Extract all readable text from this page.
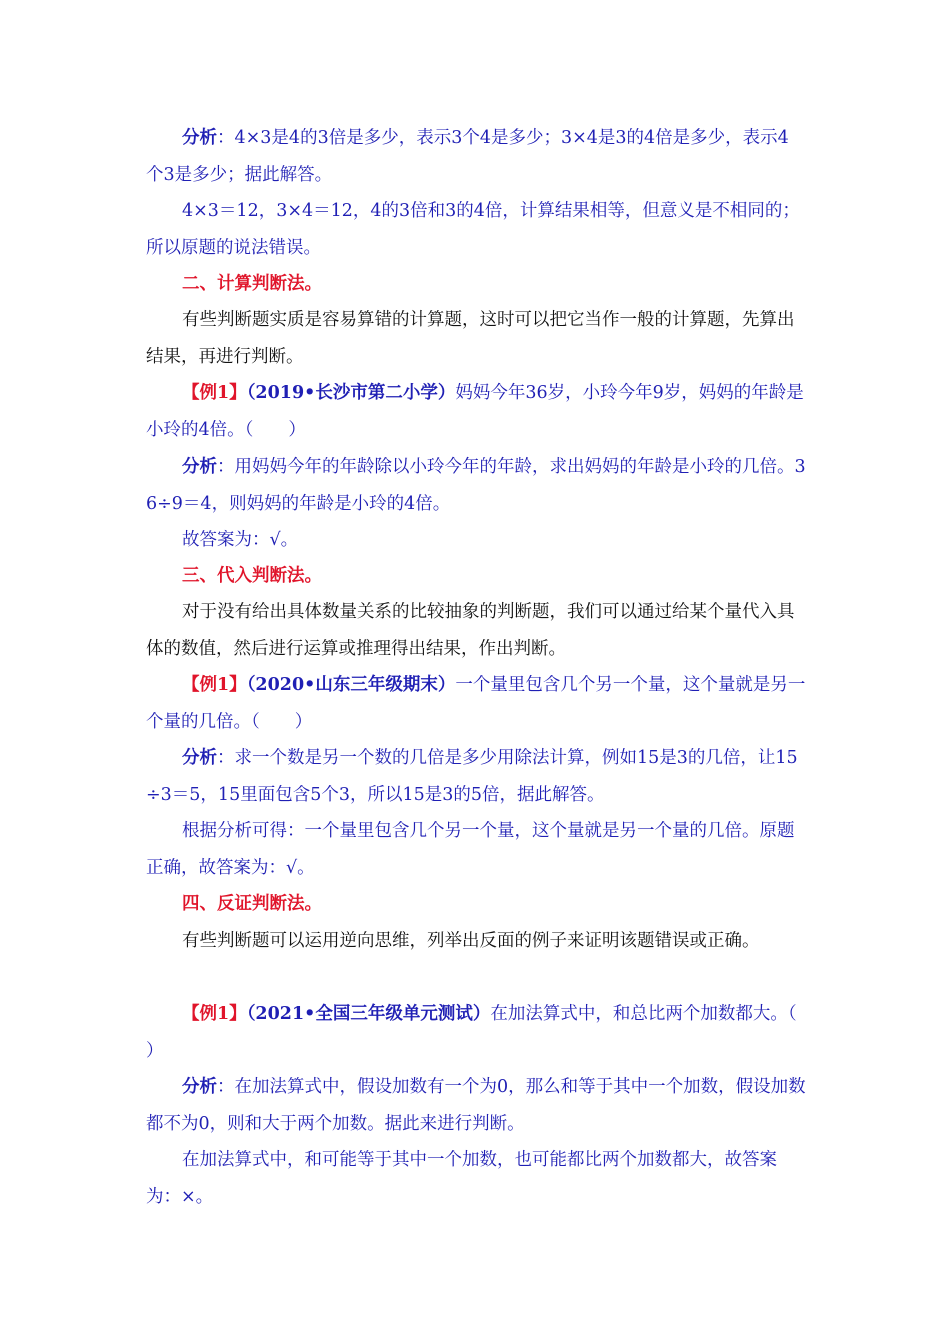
分析：4×3是4的3倍是多少，表示3个4是多少；3×4是3的4倍是多少，表示4个3是多少；据此解答。

4×3＝12，3×4＝12，4的3倍和3的4倍，计算结果相等，但意义是不相同的；所以原题的说法错误。

二、计算判断法。

有些判断题实质是容易算错的计算题，这时可以把它当作一般的计算题，先算出结果，再进行判断。

【例1】（2019•长沙市第二小学）妈妈今年36岁，小玲今年9岁，妈妈的年龄是小玲的4倍。（　　）

分析：用妈妈今年的年龄除以小玲今年的年龄，求出妈妈的年龄是小玲的几倍。36÷9＝4，则妈妈的年龄是小玲的4倍。

故答案为：√。

三、代入判断法。

对于没有给出具体数量关系的比较抽象的判断题，我们可以通过给某个量代入具体的数值，然后进行运算或推理得出结果，作出判断。

【例1】（2020•山东三年级期末）一个量里包含几个另一个量，这个量就是另一个量的几倍。（　　）

分析：求一个数是另一个数的几倍是多少用除法计算，例如15是3的几倍，让15÷3＝5，15里面包含5个3，所以15是3的5倍，据此解答。

根据分析可得：一个量里包含几个另一个量，这个量就是另一个量的几倍。原题正确，故答案为：√。

四、反证判断法。

有些判断题可以运用逆向思维，列举出反面的例子来证明该题错误或正确。

【例1】（2021•全国三年级单元测试）在加法算式中，和总比两个加数都大。（　　）

分析：在加法算式中，假设加数有一个为0，那么和等于其中一个加数，假设加数都不为0，则和大于两个加数。据此来进行判断。

在加法算式中，和可能等于其中一个加数，也可能都比两个加数都大，故答案为：×。
